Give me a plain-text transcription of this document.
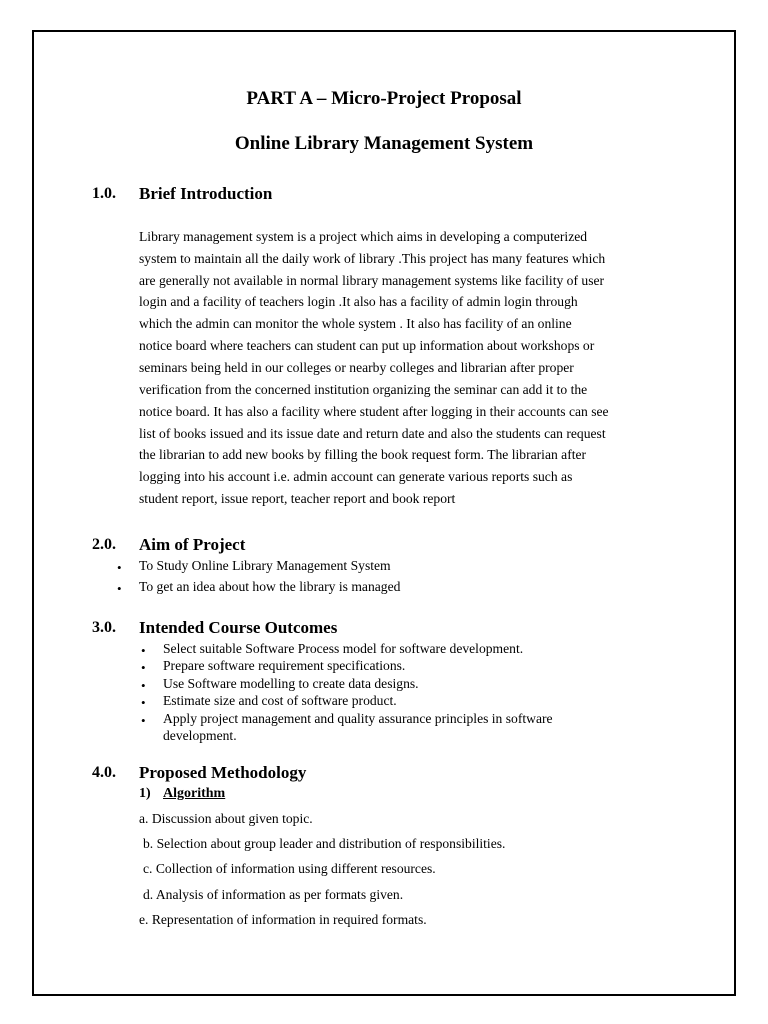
PART A – Micro-Project Proposal
Online Library Management System
1.0. Brief Introduction
Library management system is a project which aims in developing a computerized
system to maintain all the daily work of library .This project has many features which
are generally not available in normal library management systems like facility of user
login and a facility of teachers login .It also has a facility of admin login through
which the admin can monitor the whole system . It also has facility of an online
notice board where teachers can student can put up information about workshops or
seminars being held in our colleges or nearby colleges and librarian after proper
verification from the concerned institution organizing the seminar can add it to the
notice board. It has also a facility where student after logging in their accounts can see
list of books issued and its issue date and return date and also the students can request
the librarian to add new books by filling the book request form. The librarian after
logging into his account i.e. admin account can generate various reports such as
student report, issue report, teacher report and book report
2.0. Aim of Project
• To Study Online Library Management System
• To get an idea about how the library is managed
3.0. Intended Course Outcomes
• Select suitable Software Process model for software development.
• Prepare software requirement specifications.
• Use Software modelling to create data designs.
• Estimate size and cost of software product.
• Apply project management and quality assurance principles in software
development.
4.0. Proposed Methodology
1) Algorithm
a. Discussion about given topic.
b. Selection about group leader and distribution of responsibilities.
c. Collection of information using different resources.
d. Analysis of information as per formats given.
e. Representation of information in required formats.
